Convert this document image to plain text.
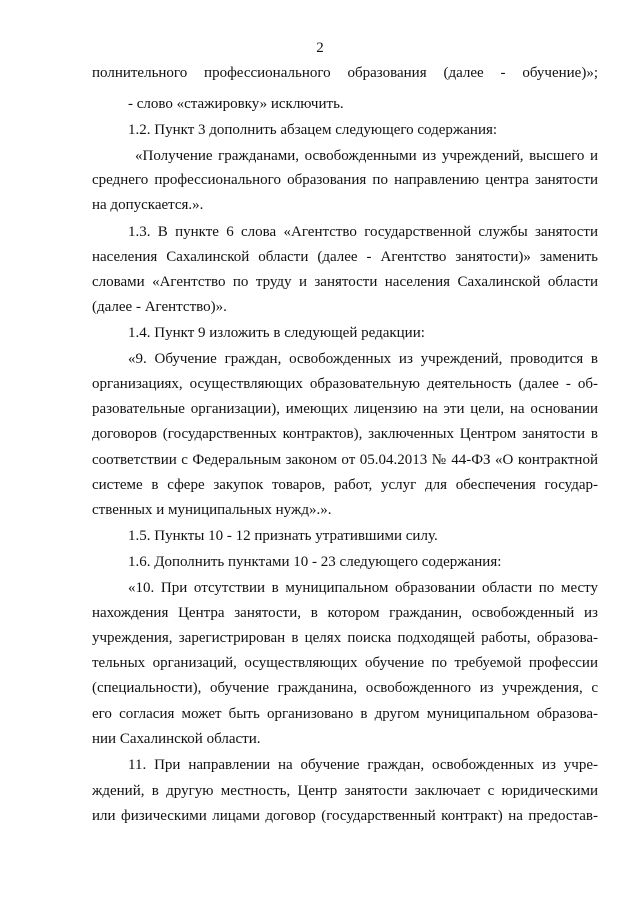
2
полнительного профессионального образования (далее - обучение)»;
- слово «стажировку» исключить.
1.2. Пункт 3 дополнить абзацем следующего содержания:
«Получение гражданами, освобожденными из учреждений, высшего и
среднего профессионального образования по направлению центра занятости
на допускается.».
1.3. В пункте 6 слова «Агентство государственной службы занятости
населения Сахалинской области (далее - Агентство занятости)» заменить
словами «Агентство по труду и занятости населения Сахалинской области
(далее - Агентство)».
1.4. Пункт 9 изложить в следующей редакции:
«9. Обучение граждан, освобожденных из учреждений, проводится в
организациях, осуществляющих образовательную деятельность (далее - об-
разовательные организации), имеющих лицензию на эти цели, на основании
договоров (государственных контрактов), заключенных Центром занятости в
соответствии с Федеральным законом от 05.04.2013 № 44-ФЗ «О контрактной
системе в сфере закупок товаров, работ, услуг для обеспечения государ-
ственных и муниципальных нужд».».
1.5. Пункты 10 - 12 признать утратившими силу.
1.6. Дополнить пунктами 10 - 23 следующего содержания:
«10. При отсутствии в муниципальном образовании области по месту
нахождения Центра занятости, в котором гражданин, освобожденный из
учреждения, зарегистрирован в целях поиска подходящей работы, образова-
тельных организаций, осуществляющих обучение по требуемой профессии
(специальности), обучение гражданина, освобожденного из учреждения, с
его согласия может быть организовано в другом муниципальном образова-
нии Сахалинской области.
11. При направлении на обучение граждан, освобожденных из учре-
ждений, в другую местность, Центр занятости заключает с юридическими
или физическими лицами договор (государственный контракт) на предостав-
